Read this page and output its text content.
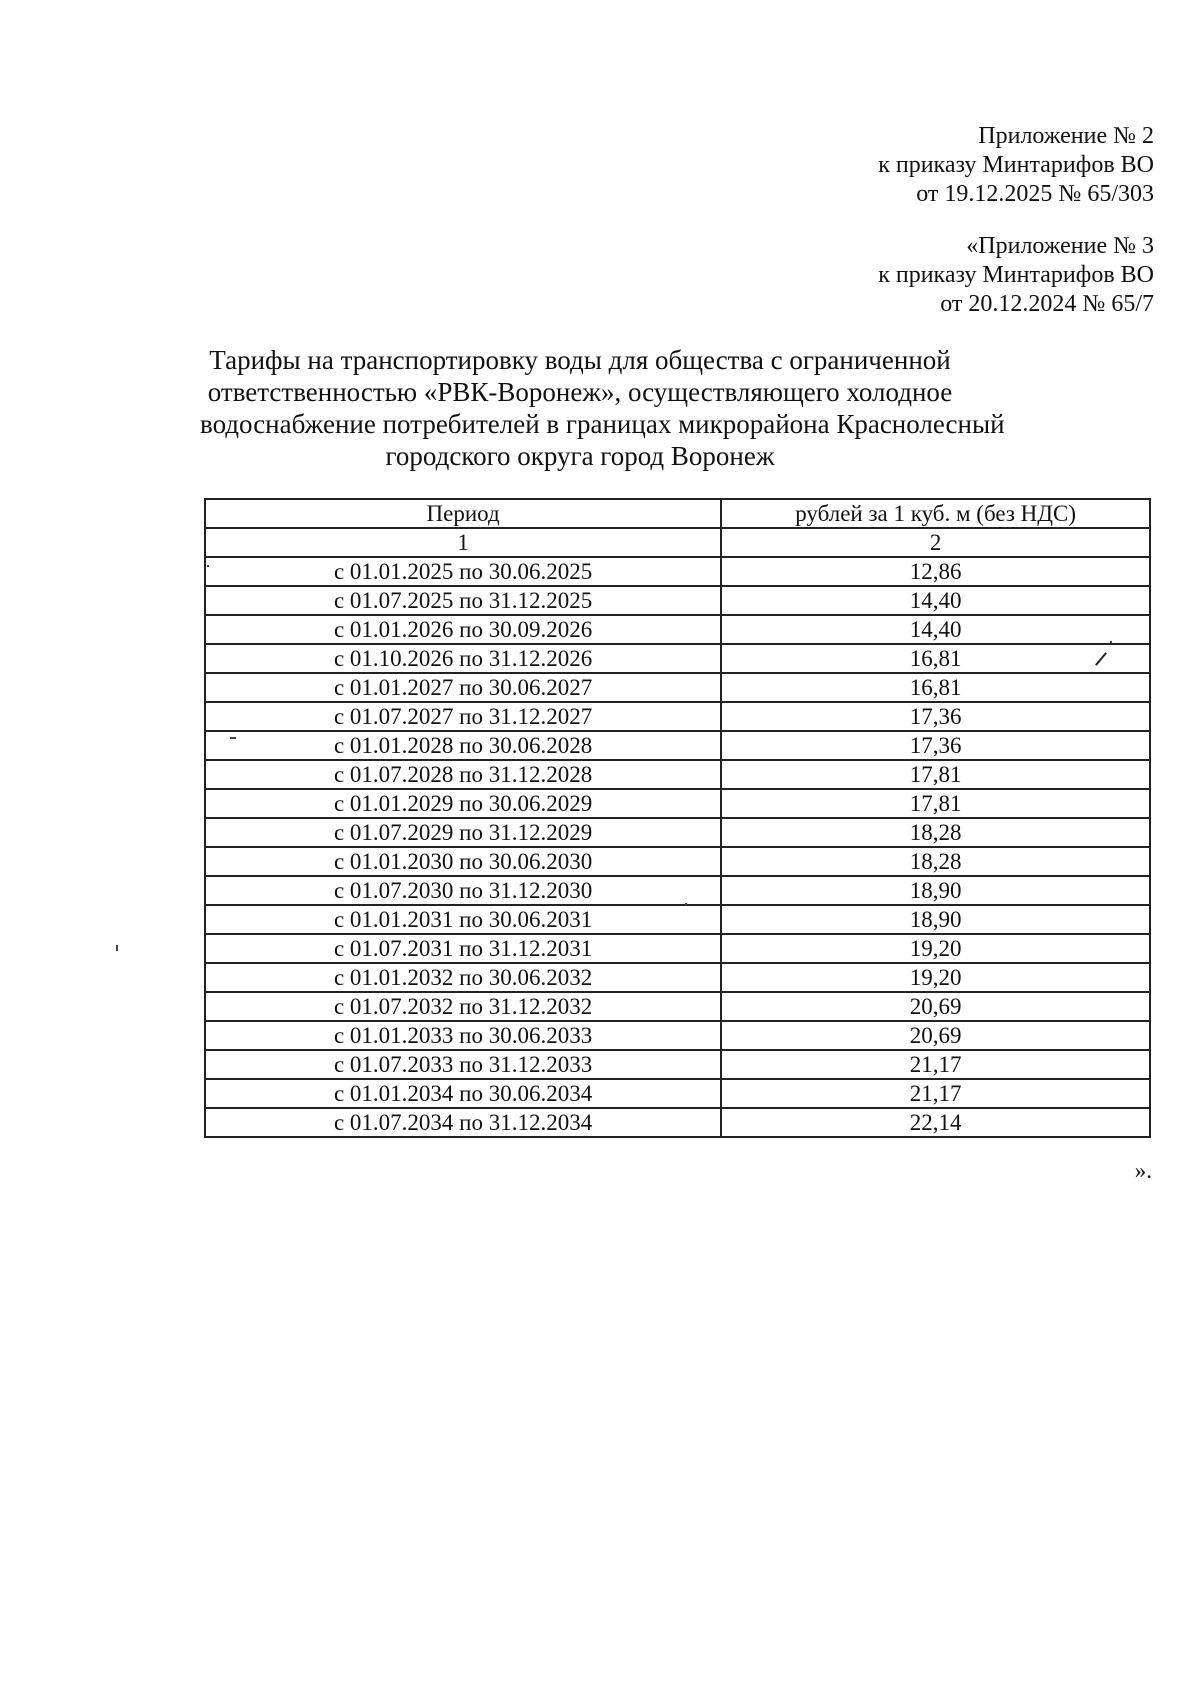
Приложение № 2
к приказу Минтарифов ВО
от 19.12.2025 № 65/303
«Приложение № 3
к приказу Минтарифов ВО
от 20.12.2024 № 65/7
Тарифы на транспортировку воды для общества с ограниченной
ответственностью «РВК-Воронеж», осуществляющего холодное
водоснабжение потребителей в границах микрорайона Краснолесный
городского округа город Воронеж
Период	рублей за 1 куб. м (без НДС)
1	2
с 01.01.2025 по 30.06.2025	12,86
с 01.07.2025 по 31.12.2025	14,40
с 01.01.2026 по 30.09.2026	14,40
с 01.10.2026 по 31.12.2026	16,81
с 01.01.2027 по 30.06.2027	16,81
с 01.07.2027 по 31.12.2027	17,36
с 01.01.2028 по 30.06.2028	17,36
с 01.07.2028 по 31.12.2028	17,81
с 01.01.2029 по 30.06.2029	17,81
с 01.07.2029 по 31.12.2029	18,28
с 01.01.2030 по 30.06.2030	18,28
с 01.07.2030 по 31.12.2030	18,90
с 01.01.2031 по 30.06.2031	18,90
с 01.07.2031 по 31.12.2031	19,20
с 01.01.2032 по 30.06.2032	19,20
с 01.07.2032 по 31.12.2032	20,69
с 01.01.2033 по 30.06.2033	20,69
с 01.07.2033 по 31.12.2033	21,17
с 01.01.2034 по 30.06.2034	21,17
с 01.07.2034 по 31.12.2034	22,14
».
